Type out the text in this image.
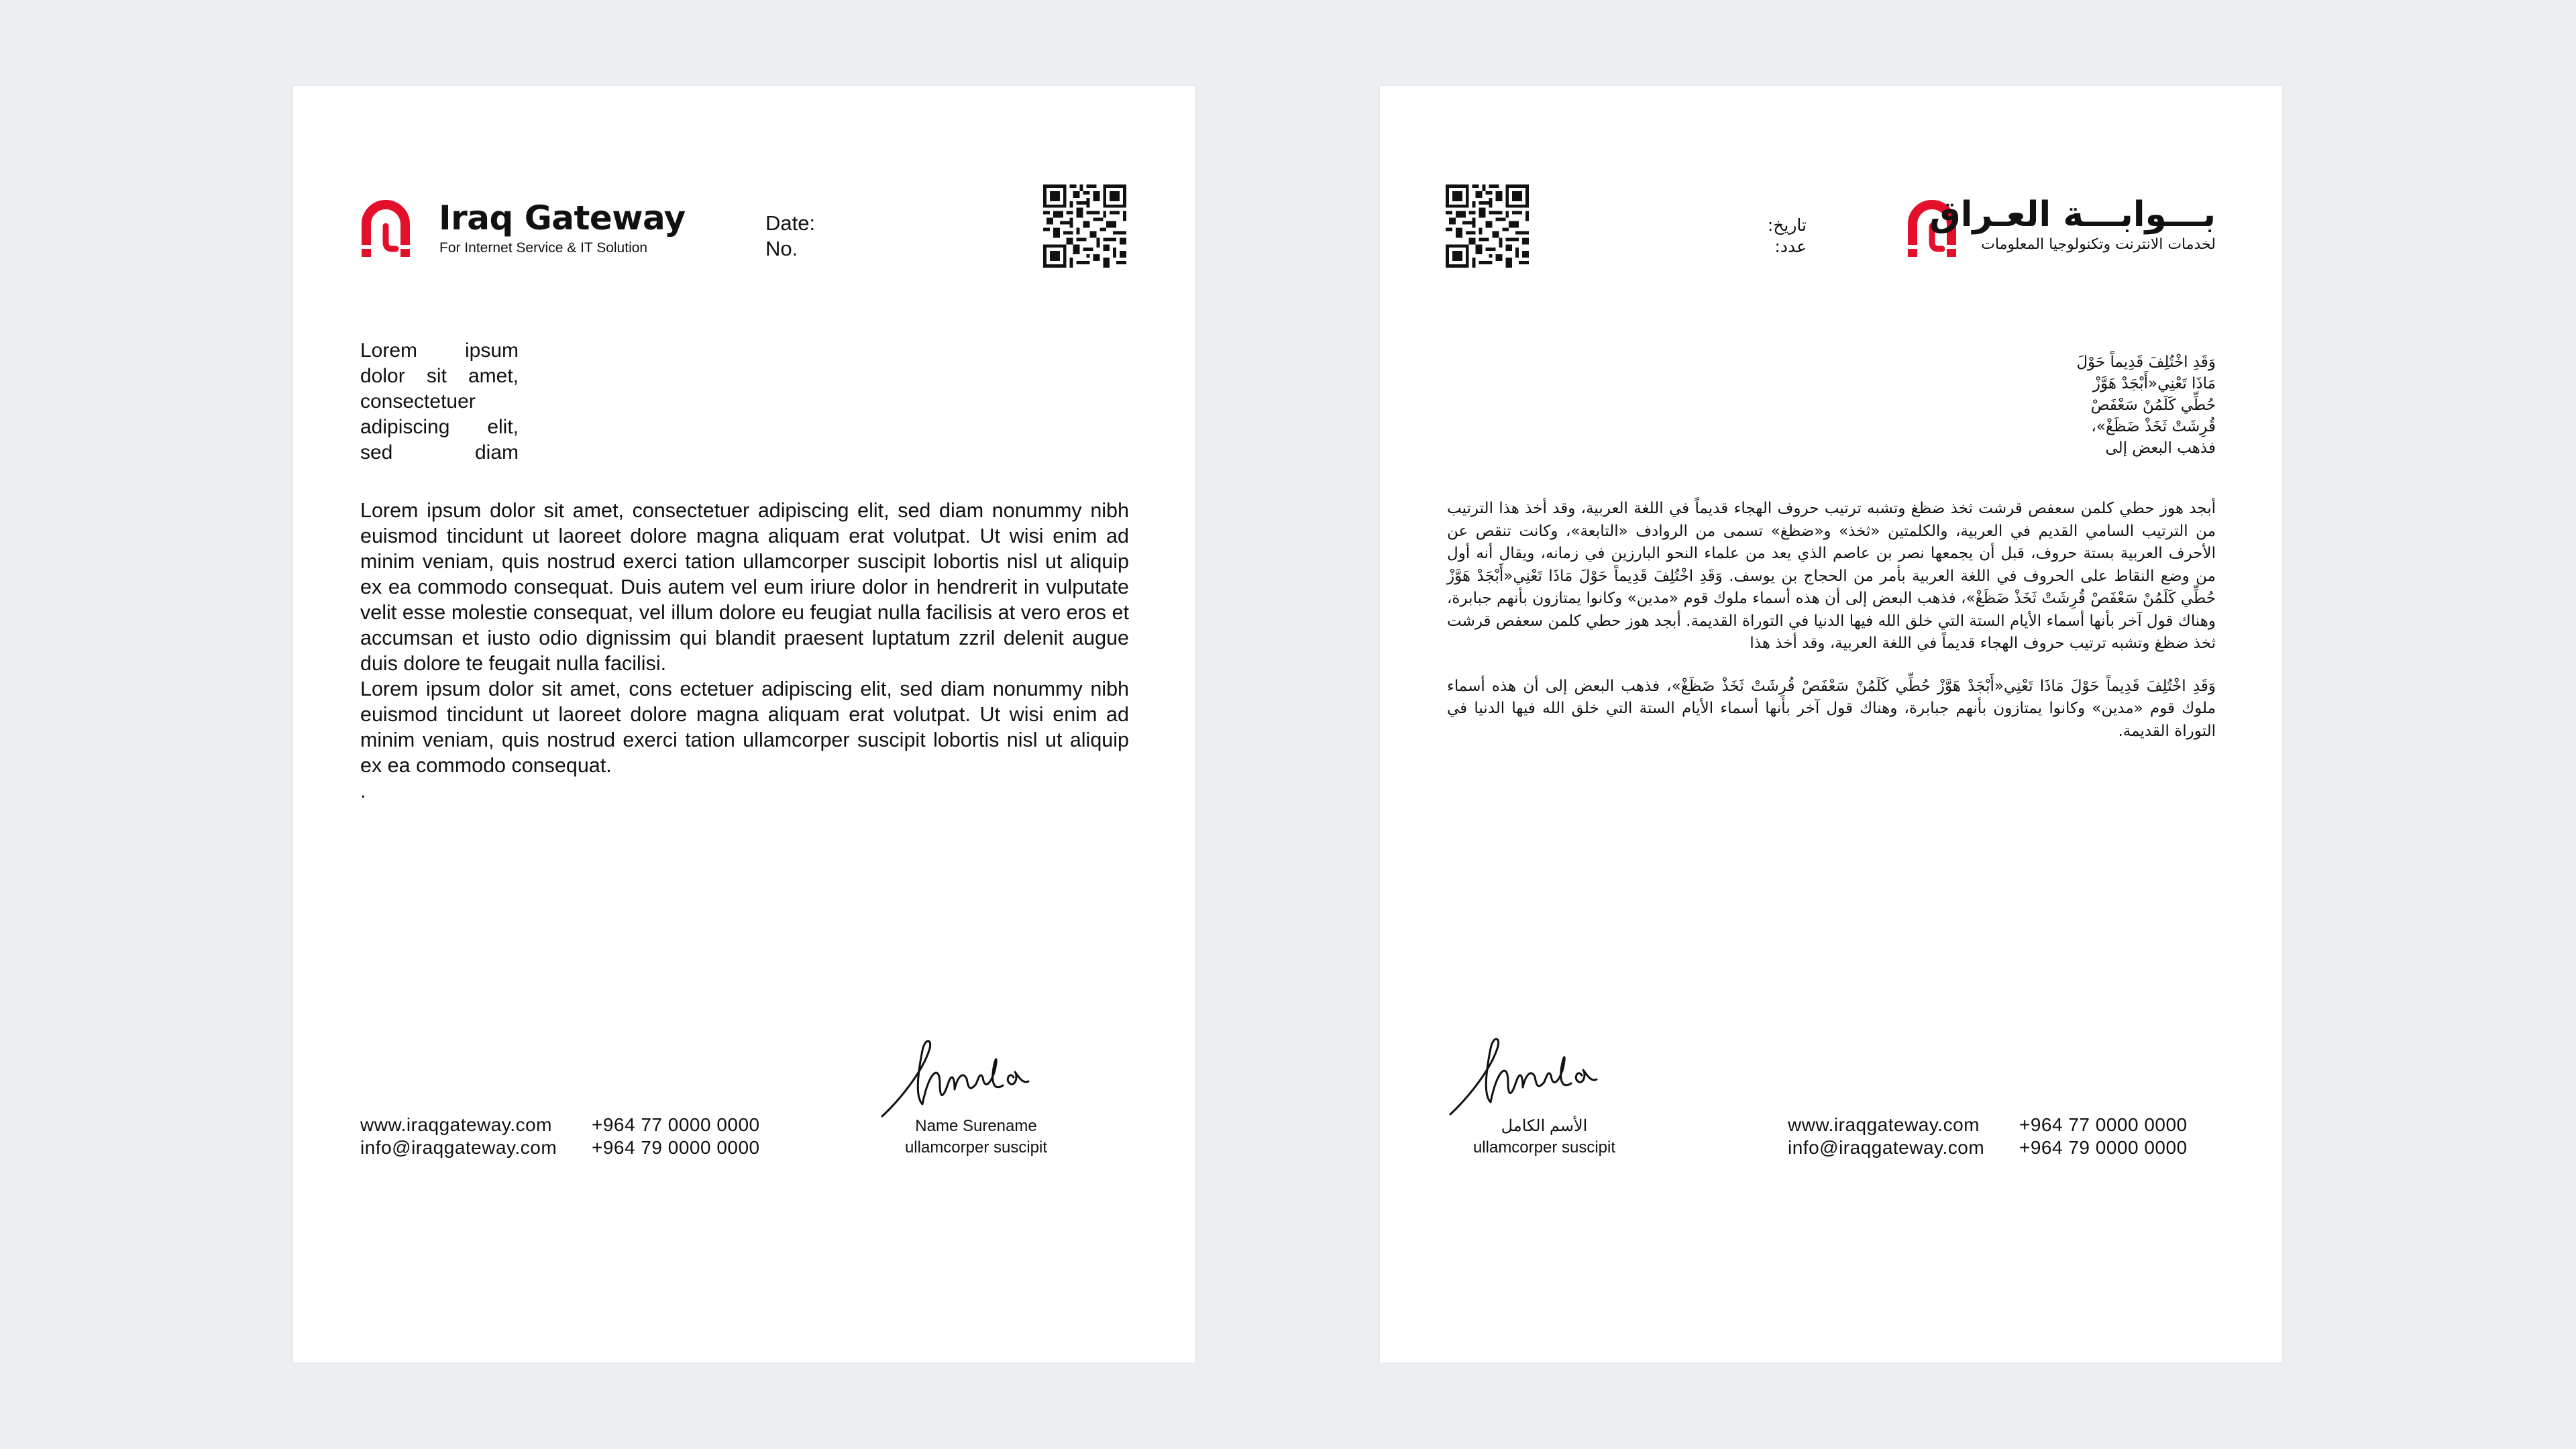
Iraq Gateway
For Internet Service & IT Solution
Date:
No.
Lorem ipsum dolor sit amet, consectetuer adipiscing elit, sed diam

Lorem ipsum dolor sit amet, consectetuer adipiscing elit, sed diam nonummy nibh euismod tincidunt ut laoreet dolore magna aliquam erat volutpat. Ut wisi enim ad minim veniam, quis nostrud exerci tation ullamcorper suscipit lobortis nisl ut aliquip ex ea commodo consequat. Duis autem vel eum iriure dolor in hendrerit in vulputate velit esse molestie consequat, vel illum dolore eu feugiat nulla facilisis at vero eros et accumsan et iusto odio dignissim qui blandit praesent luptatum zzril delenit augue duis dolore te feugait nulla facilisi.

Lorem ipsum dolor sit amet, cons ectetuer adipiscing elit, sed diam nonummy nibh euismod tincidunt ut laoreet dolore magna aliquam erat volutpat. Ut wisi enim ad minim veniam, quis nostrud exerci tation ullamcorper suscipit lobortis nisl ut aliquip ex ea commodo consequat.

.

Name Surename
ullamcorper suscipit
www.iraqgateway.com
info@iraqgateway.com
+964 77 0000 0000
+964 79 0000 0000
تاريخ:
عدد:
بـــوابـــة العـراق
لخدمات الانترنت وتكنولوجيا المعلومات
وَقَدِ اخْتُلِفَ قَدِيماً حَوْلَ مَاذَا تَعْنِي«أَبْجَدْ هَوَّزْ حُطِّي كَلَمُنْ سَعْفَصْ قُرِشَتْ ثَخَذْ ضَظَغْ»، فذهب البعض إلى

أبجد هوز حطي كلمن سعفص قرشت ثخذ ضظغ وتشبه ترتيب حروف الهجاء قديماً في اللغة العربية، وقد أخذ هذا الترتيب من الترتيب السامي القديم في العربية، والكلمتين «ثخذ» و«ضظغ» تسمى من الروادف «التابعة»، وكانت تنقص عن الأحرف العربية بستة حروف، قبل أن يجمعها نصر بن عاصم الذي يعد من علماء النحو البارزين في زمانه، ويقال أنه أول من وضع النقاط على الحروف في اللغة العربية بأمر من الحجاج بن يوسف. وَقَدِ اخْتُلِفَ قَدِيماً حَوْلَ مَاذَا تَعْنِي«أَبْجَدْ هَوَّزْ حُطِّي كَلَمُنْ سَعْفَصْ قُرِشَتْ ثَخَذْ ضَظَغْ»، فذهب البعض إلى أن هذه أسماء ملوك قوم «مدين» وكانوا يمتازون بأنهم جبابرة، وهناك قول آخر بأنها أسماء الأيام الستة التي خلق الله فيها الدنيا في التوراة القديمة. أبجد هوز حطي كلمن سعفص قرشت ثخذ ضظغ وتشبه ترتيب حروف الهجاء قديماً في اللغة العربية، وقد أخذ هذا

وَقَدِ اخْتُلِفَ قَدِيماً حَوْلَ مَاذَا تَعْنِي«أَبْجَدْ هَوَّزْ حُطِّي كَلَمُنْ سَعْفَصْ قُرِشَتْ ثَخَذْ ضَظَغْ»، فذهب البعض إلى أن هذه أسماء ملوك قوم «مدين» وكانوا يمتازون بأنهم جبابرة، وهناك قول آخر بأنها أسماء الأيام الستة التي خلق الله فيها الدنيا في التوراة القديمة.

الأسم الكامل
ullamcorper suscipit
www.iraqgateway.com
info@iraqgateway.com
+964 77 0000 0000
+964 79 0000 0000
